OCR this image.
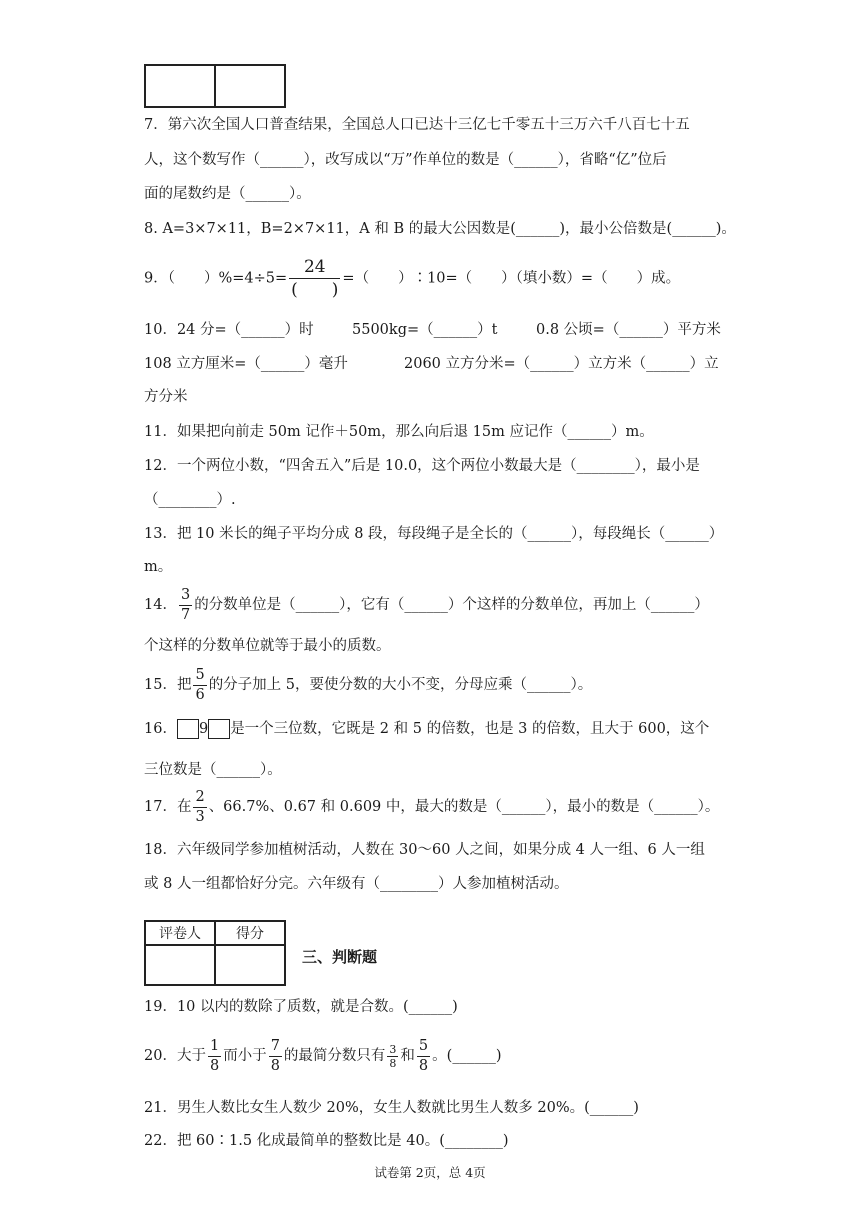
7．第六次全国人口普查结果，全国总人口已达十三亿七千零五十三万六千八百七十五
人，这个数写作（______），改写成以“万”作单位的数是（______），省略“亿”位后
面的尾数约是（______）。
8. A=3×7×11，B=2×7×11，A 和 B 的最大公因数是(______)，最小公倍数是(______)。
9．（　　）$\%=4\div 5= \frac{24}{( )}$ =（　　）∶10=（　　）（填小数）=（　　）成。
10．24 分=（______）时	5500kg=（______）t	0.8 公顷=（______）平方米
108 立方厘米=（______）毫升	2060 立方分米=（______）立方米（______）立
方分米
11．如果把向前走 50m 记作＋50m，那么向后退 15m 应记作（______）m。
12．一个两位小数，“四舍五入”后是 10.0，这个两位小数最大是（________），最小是
（________）.
13．把 10 米长的绳子平均分成 8 段，每段绳子是全长的（______），每段绳长（______）
m。
14． $\frac{3}{7}$ 的分数单位是（______），它有（______）个这样的分数单位，再加上（______）
个这样的分数单位就等于最小的质数。
15．把 $\frac{5}{6}$ 的分子加上 5，要使分数的大小不变，分母应乘（______）。
16． 9 是一个三位数，它既是 2 和 5 的倍数，也是 3 的倍数，且大于 600，这个
三位数是（______）。
17．在 $\frac{2}{3}$ 、66.7%、0.67 和 0.609 中，最大的数是（______），最小的数是（______）。
18．六年级同学参加植树活动，人数在 30～60 人之间，如果分成 4 人一组、6 人一组
或 8 人一组都恰好分完。六年级有（________）人参加植树活动。
评卷人	得分

三、判断题
19．10 以内的数除了质数，就是合数。(______)
20．大于 $\frac{1}{8}$ 而小于 $\frac{7}{8}$ 的最简分数只有 $\frac{3}{8}$ 和 $\frac{5}{8}$ 。(______)
21．男生人数比女生人数少 20%，女生人数就比男生人数多 20%。(______)
22．把 60∶1.5 化成最简单的整数比是 40。(________)
试卷第 2页，总 4页
